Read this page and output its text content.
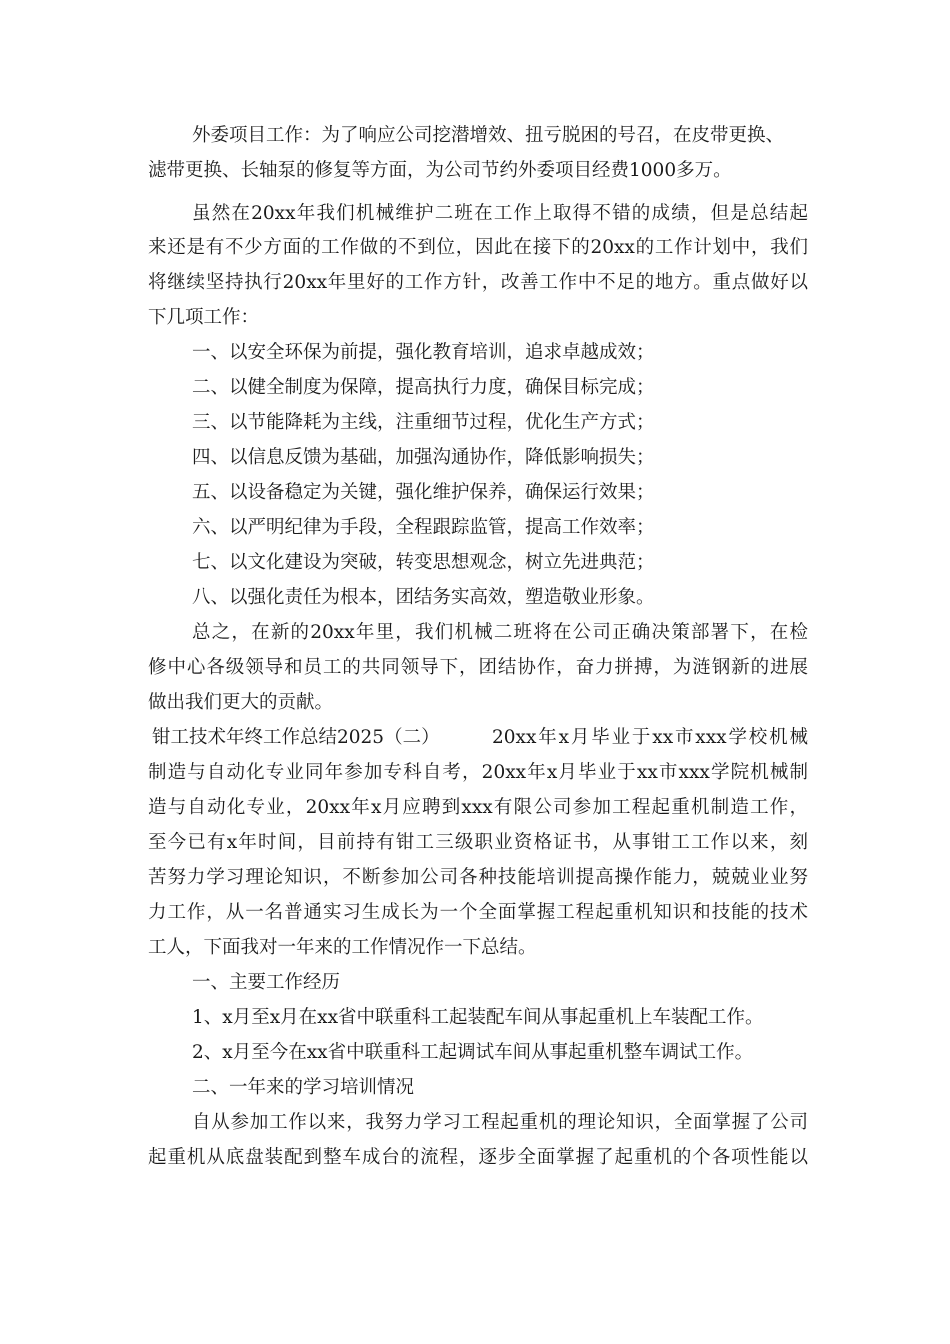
外委项目工作：为了响应公司挖潜增效、扭亏脱困的号召，在皮带更换、
滤带更换、长轴泵的修复等方面，为公司节约外委项目经费1000多万。
虽然在20xx年我们机械维护二班在工作上取得不错的成绩，但是总结起
来还是有不少方面的工作做的不到位，因此在接下的20xx的工作计划中，我们
将继续坚持执行20xx年里好的工作方针，改善工作中不足的地方。重点做好以
下几项工作：
一、以安全环保为前提，强化教育培训，追求卓越成效；
二、以健全制度为保障，提高执行力度，确保目标完成；
三、以节能降耗为主线，注重细节过程，优化生产方式；
四、以信息反馈为基础，加强沟通协作，降低影响损失；
五、以设备稳定为关键，强化维护保养，确保运行效果；
六、以严明纪律为手段，全程跟踪监管，提高工作效率；
七、以文化建设为突破，转变思想观念，树立先进典范；
八、以强化责任为根本，团结务实高效，塑造敬业形象。
总之，在新的20xx年里，我们机械二班将在公司正确决策部署下，在检
修中心各级领导和员工的共同领导下，团结协作，奋力拼搏，为涟钢新的进展
做出我们更大的贡献。
钳工技术年终工作总结2025（二）	20xx年x月毕业于xx市xxx学校机械
制造与自动化专业同年参加专科自考，20xx年x月毕业于xx市xxx学院机械制
造与自动化专业，20xx年x月应聘到xxx有限公司参加工程起重机制造工作，
至今已有x年时间，目前持有钳工三级职业资格证书，从事钳工工作以来，刻
苦努力学习理论知识，不断参加公司各种技能培训提高操作能力，兢兢业业努
力工作，从一名普通实习生成长为一个全面掌握工程起重机知识和技能的技术
工人，下面我对一年来的工作情况作一下总结。
一、主要工作经历
1、x月至x月在xx省中联重科工起装配车间从事起重机上车装配工作。
2、x月至今在xx省中联重科工起调试车间从事起重机整车调试工作。
二、一年来的学习培训情况
自从参加工作以来，我努力学习工程起重机的理论知识，全面掌握了公司
起重机从底盘装配到整车成台的流程，逐步全面掌握了起重机的个各项性能以
